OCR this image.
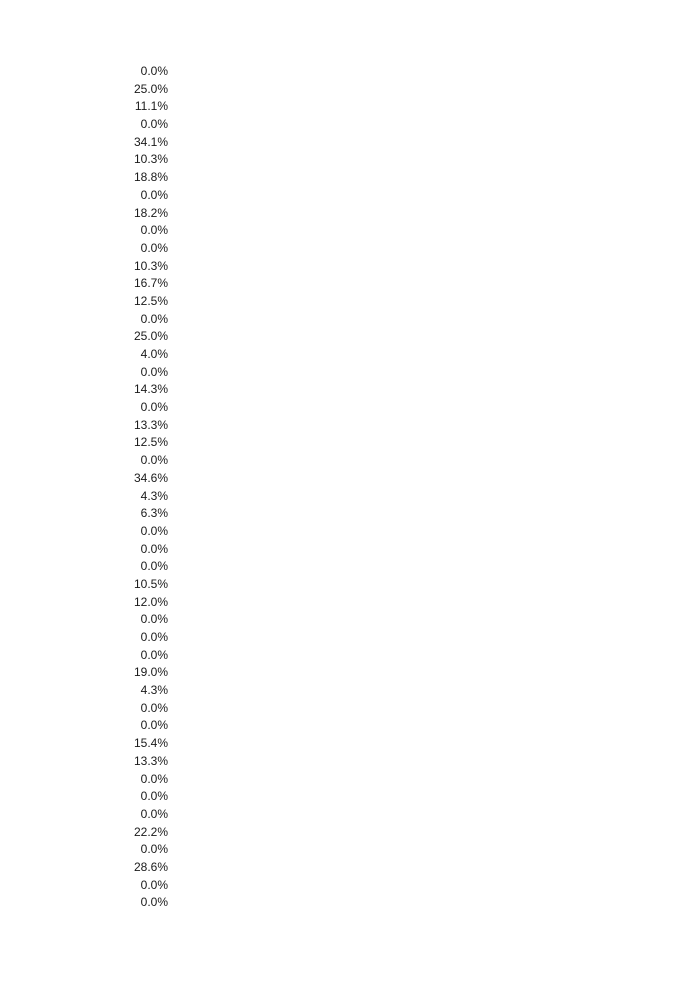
0.0%
25.0%
11.1%
0.0%
34.1%
10.3%
18.8%
0.0%
18.2%
0.0%
0.0%
10.3%
16.7%
12.5%
0.0%
25.0%
4.0%
0.0%
14.3%
0.0%
13.3%
12.5%
0.0%
34.6%
4.3%
6.3%
0.0%
0.0%
0.0%
10.5%
12.0%
0.0%
0.0%
0.0%
19.0%
4.3%
0.0%
0.0%
15.4%
13.3%
0.0%
0.0%
0.0%
22.2%
0.0%
28.6%
0.0%
0.0%
